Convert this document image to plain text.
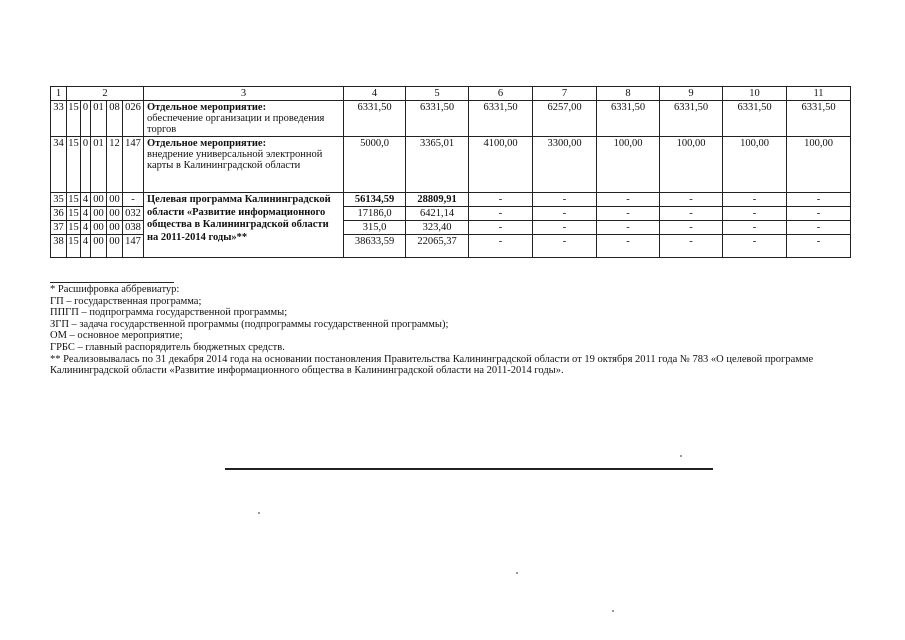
1	2					3	4	5	6	7	8	9	10	11
33	15	0	01	08	026	Отдельное мероприятие:
обеспечение организации и проведения торгов	6331,50	6331,50	6331,50	6257,00	6331,50	6331,50	6331,50	6331,50
34	15	0	01	12	147	Отдельное мероприятие:
внедрение универсальной электронной карты в Калининградской области	5000,0	3365,01	4100,00	3300,00	100,00	100,00	100,00	100,00
35	15	4	00	00	-	Целевая программа Калининградской области «Развитие информационного общества в Калининградской области на 2011-2014 годы»**	56134,59	28809,91	-	-	-	-	-	-
36	15	4	00	00	032		17186,0	6421,14	-	-	-	-	-	-
37	15	4	00	00	038		315,0	323,40	-	-	-	-	-	-
38	15	4	00	00	147		38633,59	22065,37	-	-	-	-	-	-

* Расшифровка аббревиатур:

ГП – государственная программа;

ППГП – подпрограмма государственной программы;

ЗГП – задача государственной программы (подпрограммы государственной программы);

ОМ – основное мероприятие;

ГРБС – главный распорядитель бюджетных средств.

** Реализовывалась по 31 декабря 2014 года на основании постановления Правительства Калининградской области от 19 октября 2011 года № 783 «О целевой программе Калининградской области «Развитие информационного общества в Калининградской области на 2011-2014 годы».
